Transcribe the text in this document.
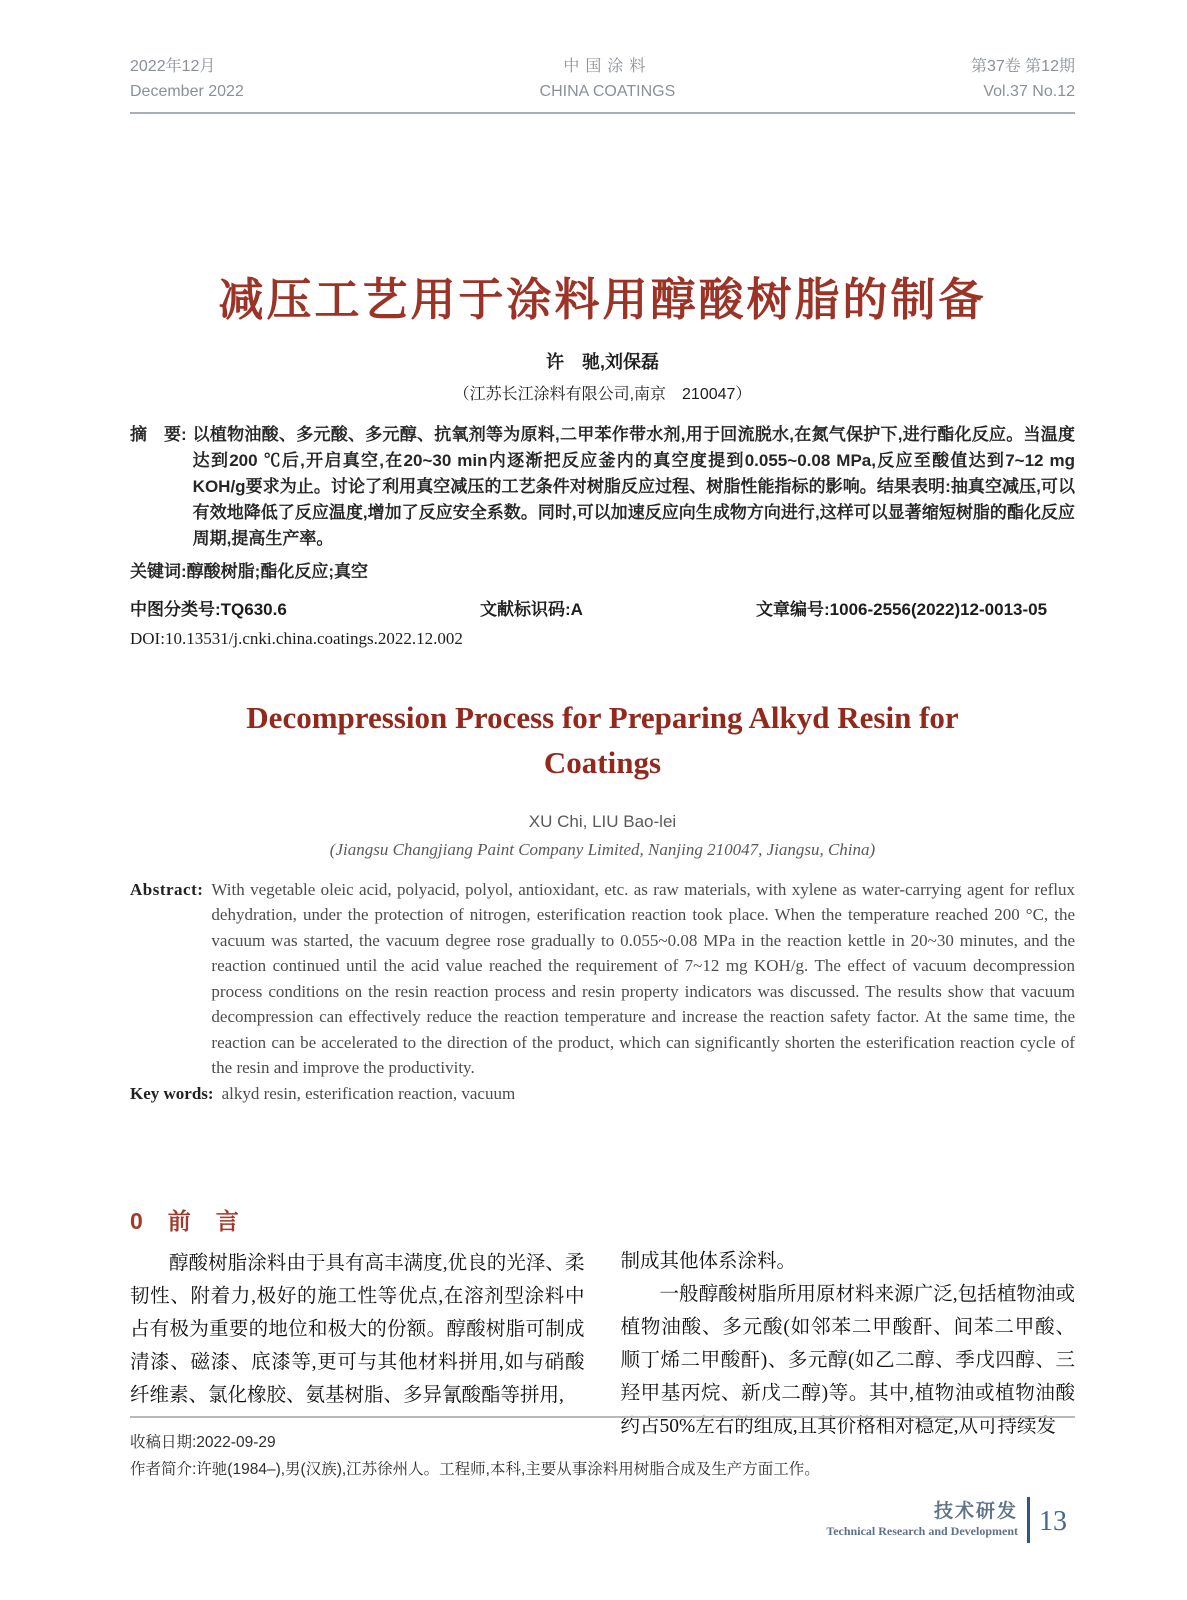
2022年12月
December 2022
中国涂料
CHINA COATINGS
第37卷 第12期
Vol.37 No.12
减压工艺用于涂料用醇酸树脂的制备
许　驰,刘保磊
（江苏长江涂料有限公司,南京　210047）
摘　要: 以植物油酸、多元酸、多元醇、抗氧剂等为原料,二甲苯作带水剂,用于回流脱水,在氮气保护下,进行酯化反应。当温度达到200 ℃后,开启真空,在20~30 min内逐渐把反应釜内的真空度提到0.055~0.08 MPa,反应至酸值达到7~12 mg KOH/g要求为止。讨论了利用真空减压的工艺条件对树脂反应过程、树脂性能指标的影响。结果表明:抽真空减压,可以有效地降低了反应温度,增加了反应安全系数。同时,可以加速反应向生成物方向进行,这样可以显著缩短树脂的酯化反应周期,提高生产率。
关键词:醇酸树脂;酯化反应;真空
中图分类号:TQ630.6	文献标识码:A	文章编号:1006-2556(2022)12-0013-05
DOI:10.13531/j.cnki.china.coatings.2022.12.002
Decompression Process for Preparing Alkyd Resin for Coatings
XU Chi, LIU Bao-lei
(Jiangsu Changjiang Paint Company Limited, Nanjing 210047, Jiangsu, China)
Abstract: With vegetable oleic acid, polyacid, polyol, antioxidant, etc. as raw materials, with xylene as water-carrying agent for reflux dehydration, under the protection of nitrogen, esterification reaction took place. When the temperature reached 200 °C, the vacuum was started, the vacuum degree rose gradually to 0.055~0.08 MPa in the reaction kettle in 20~30 minutes, and the reaction continued until the acid value reached the requirement of 7~12 mg KOH/g. The effect of vacuum decompression process conditions on the resin reaction process and resin property indicators was discussed. The results show that vacuum decompression can effectively reduce the reaction temperature and increase the reaction safety factor. At the same time, the reaction can be accelerated to the direction of the product, which can significantly shorten the esterification reaction cycle of the resin and improve the productivity.
Key words: alkyd resin, esterification reaction, vacuum
0　前　言

醇酸树脂涂料由于具有高丰满度,优良的光泽、柔韧性、附着力,极好的施工性等优点,在溶剂型涂料中占有极为重要的地位和极大的份额。醇酸树脂可制成清漆、磁漆、底漆等,更可与其他材料拼用,如与硝酸纤维素、氯化橡胶、氨基树脂、多异氰酸酯等拼用,

制成其他体系涂料。

一般醇酸树脂所用原材料来源广泛,包括植物油或植物油酸、多元酸(如邻苯二甲酸酐、间苯二甲酸、顺丁烯二甲酸酐)、多元醇(如乙二醇、季戊四醇、三羟甲基丙烷、新戊二醇)等。其中,植物油或植物油酸约占50%左右的组成,且其价格相对稳定,从可持续发

收稿日期:2022-09-29
作者简介:许驰(1984–),男(汉族),江苏徐州人。工程师,本科,主要从事涂料用树脂合成及生产方面工作。
技术研发
Technical Research and Development 13
